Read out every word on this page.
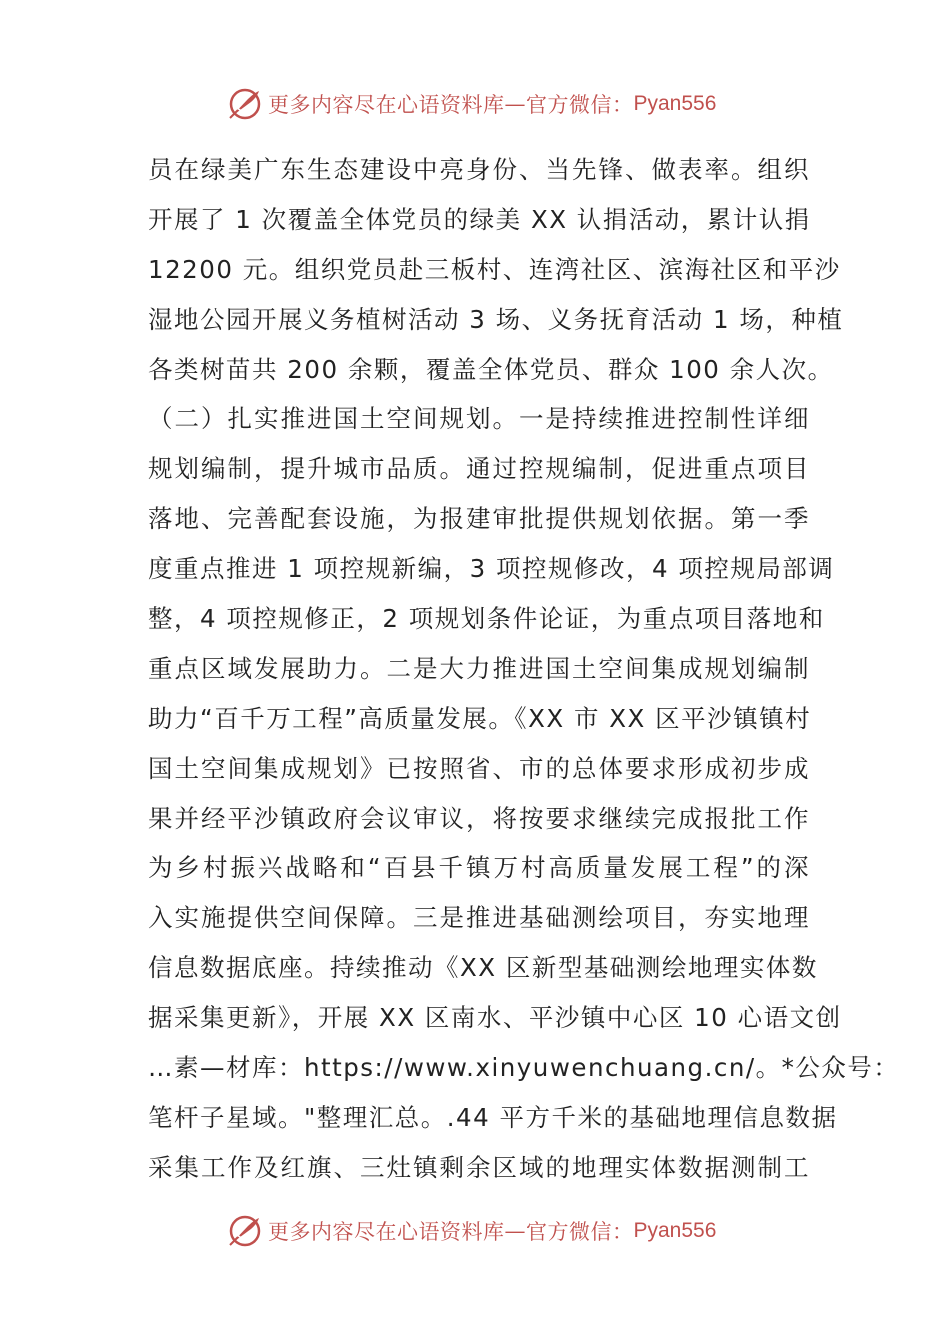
更多内容尽在心语资料库 — 官方微信： Pyan556
员在绿美广东生态建设中亮身份、当先锋、做表率。组织
开展了 1 次覆盖全体党员的绿美 XX 认捐活动，累计认捐
12200 元。组织党员赴三板村、连湾社区、滨海社区和平沙
湿地公园开展义务植树活动 3 场、义务抚育活动 1 场，种植
各类树苗共 200 余颗，覆盖全体党员、群众 100 余人次。
（二）扎实推进国土空间规划。一是持续推进控制性详细
规划编制，提升城市品质。通过控规编制，促进重点项目
落地、完善配套设施，为报建审批提供规划依据。第一季
度重点推进 1 项控规新编，3 项控规修改，4 项控规局部调
整，4 项控规修正，2 项规划条件论证，为重点项目落地和
重点区域发展助力。二是大力推进国土空间集成规划编制
助力“百千万工程”高质量发展。《XX 市 XX 区平沙镇镇村
国土空间集成规划》已按照省、市的总体要求形成初步成
果并经平沙镇政府会议审议，将按要求继续完成报批工作
为乡村振兴战略和“百县千镇万村高质量发展工程”的深
入实施提供空间保障。三是推进基础测绘项目，夯实地理
信息数据底座。持续推动《XX 区新型基础测绘地理实体数
据采集更新》，开展 XX 区南水、平沙镇中心区 10 心语文创
…素—材库：https://www.xinyuwenchuang.cn/。*公众号：
笔杆子星域。"整理汇总。.44 平方千米的基础地理信息数据
采集工作及红旗、三灶镇剩余区域的地理实体数据测制工
更多内容尽在心语资料库 — 官方微信： Pyan556
